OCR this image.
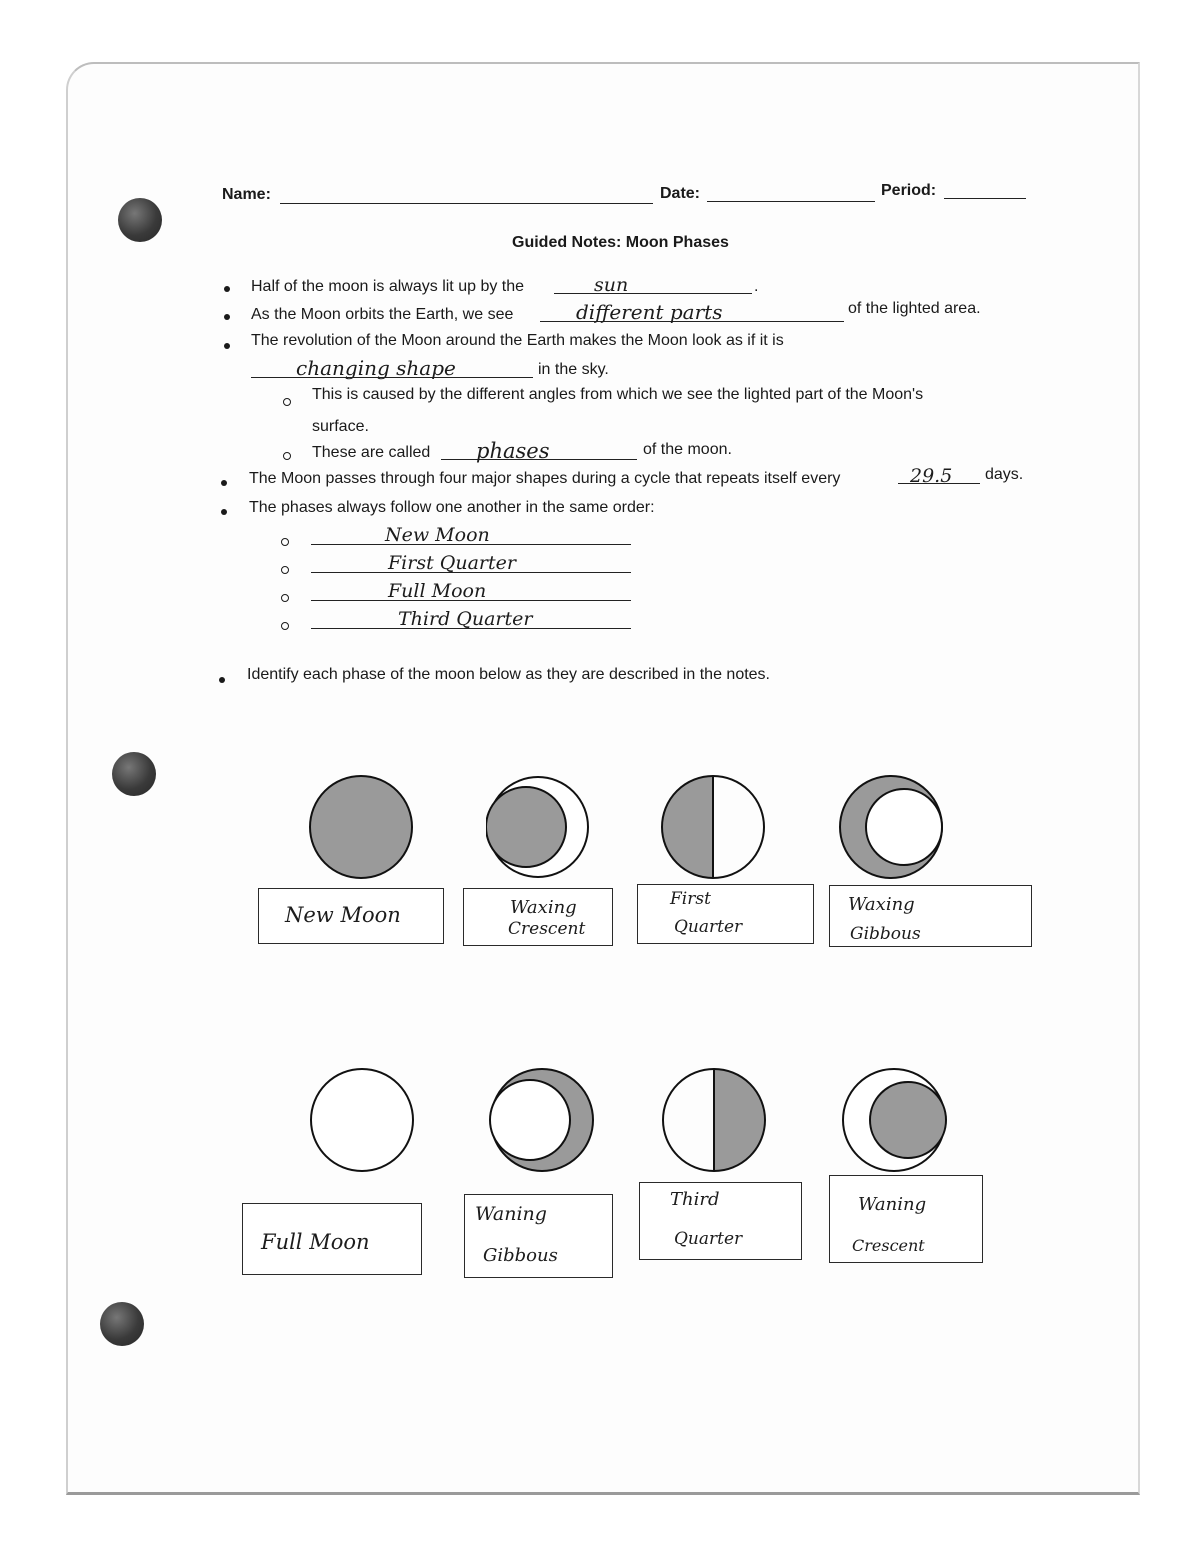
Name:	Date:	Period:
Guided Notes: Moon Phases
Half of the moon is always lit up by the	sun	.
As the Moon orbits the Earth, we see	different parts	of the lighted area.
The revolution of the Moon around the Earth makes the Moon look as if it is
changing shape	in the sky.
This is caused by the different angles from which we see the lighted part of the Moon's
surface.
These are called phases	of the moon.
The Moon passes through four major shapes during a cycle that repeats itself every	29.5 days.
The phases always follow one another in the same order:
New Moon
First Quarter
Full Moon
Third Quarter
Identify each phase of the moon below as they are described in the notes.
New Moon	Waxing
Crescent
First
Quarter
Waxing
Gibbous
Full Moon
Waning
Gibbous
Third
Quarter
Waning
Crescent
